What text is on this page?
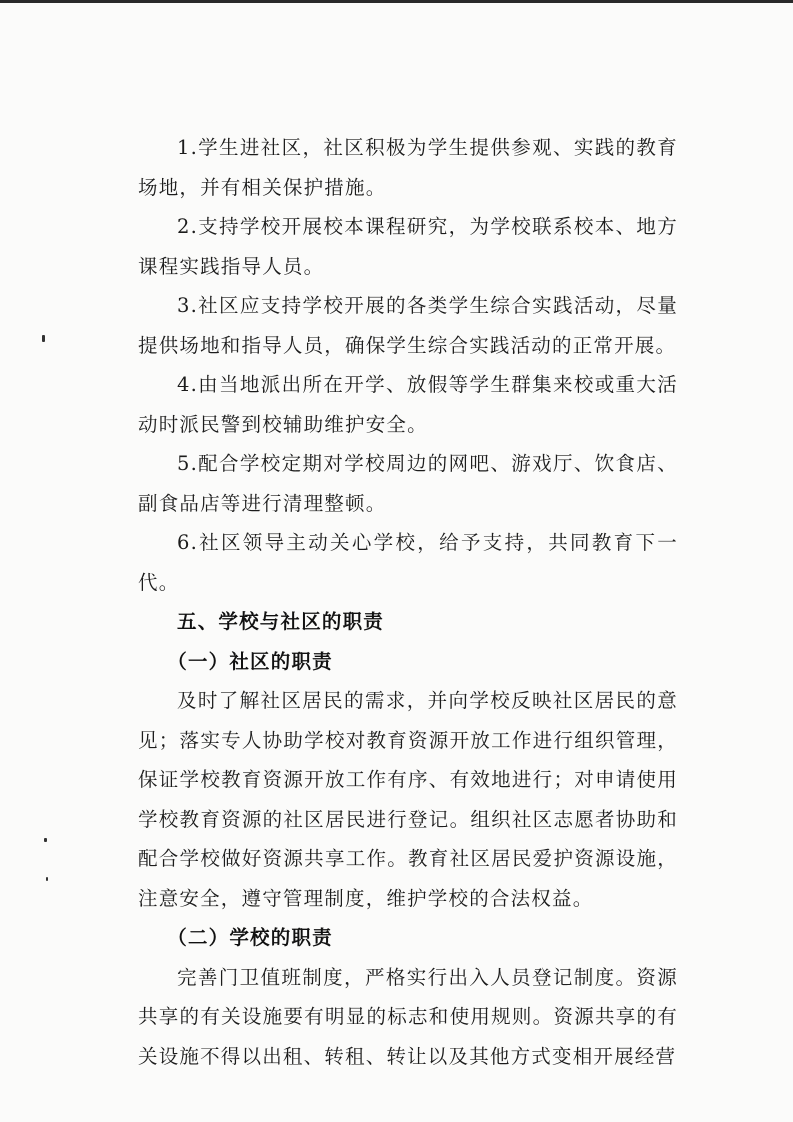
1.学生进社区，社区积极为学生提供参观、实践的教育场地，并有相关保护措施。

2.支持学校开展校本课程研究，为学校联系校本、地方课程实践指导人员。

3.社区应支持学校开展的各类学生综合实践活动，尽量提供场地和指导人员，确保学生综合实践活动的正常开展。

4.由当地派出所在开学、放假等学生群集来校或重大活动时派民警到校辅助维护安全。

5.配合学校定期对学校周边的网吧、游戏厅、饮食店、副食品店等进行清理整顿。

6.社区领导主动关心学校，给予支持，共同教育下一代。

五、学校与社区的职责

（一）社区的职责

及时了解社区居民的需求，并向学校反映社区居民的意见；落实专人协助学校对教育资源开放工作进行组织管理，保证学校教育资源开放工作有序、有效地进行；对申请使用学校教育资源的社区居民进行登记。组织社区志愿者协助和配合学校做好资源共享工作。教育社区居民爱护资源设施，注意安全，遵守管理制度，维护学校的合法权益。

（二）学校的职责

完善门卫值班制度，严格实行出入人员登记制度。资源共享的有关设施要有明显的标志和使用规则。资源共享的有关设施不得以出租、转租、转让以及其他方式变相开展经营
